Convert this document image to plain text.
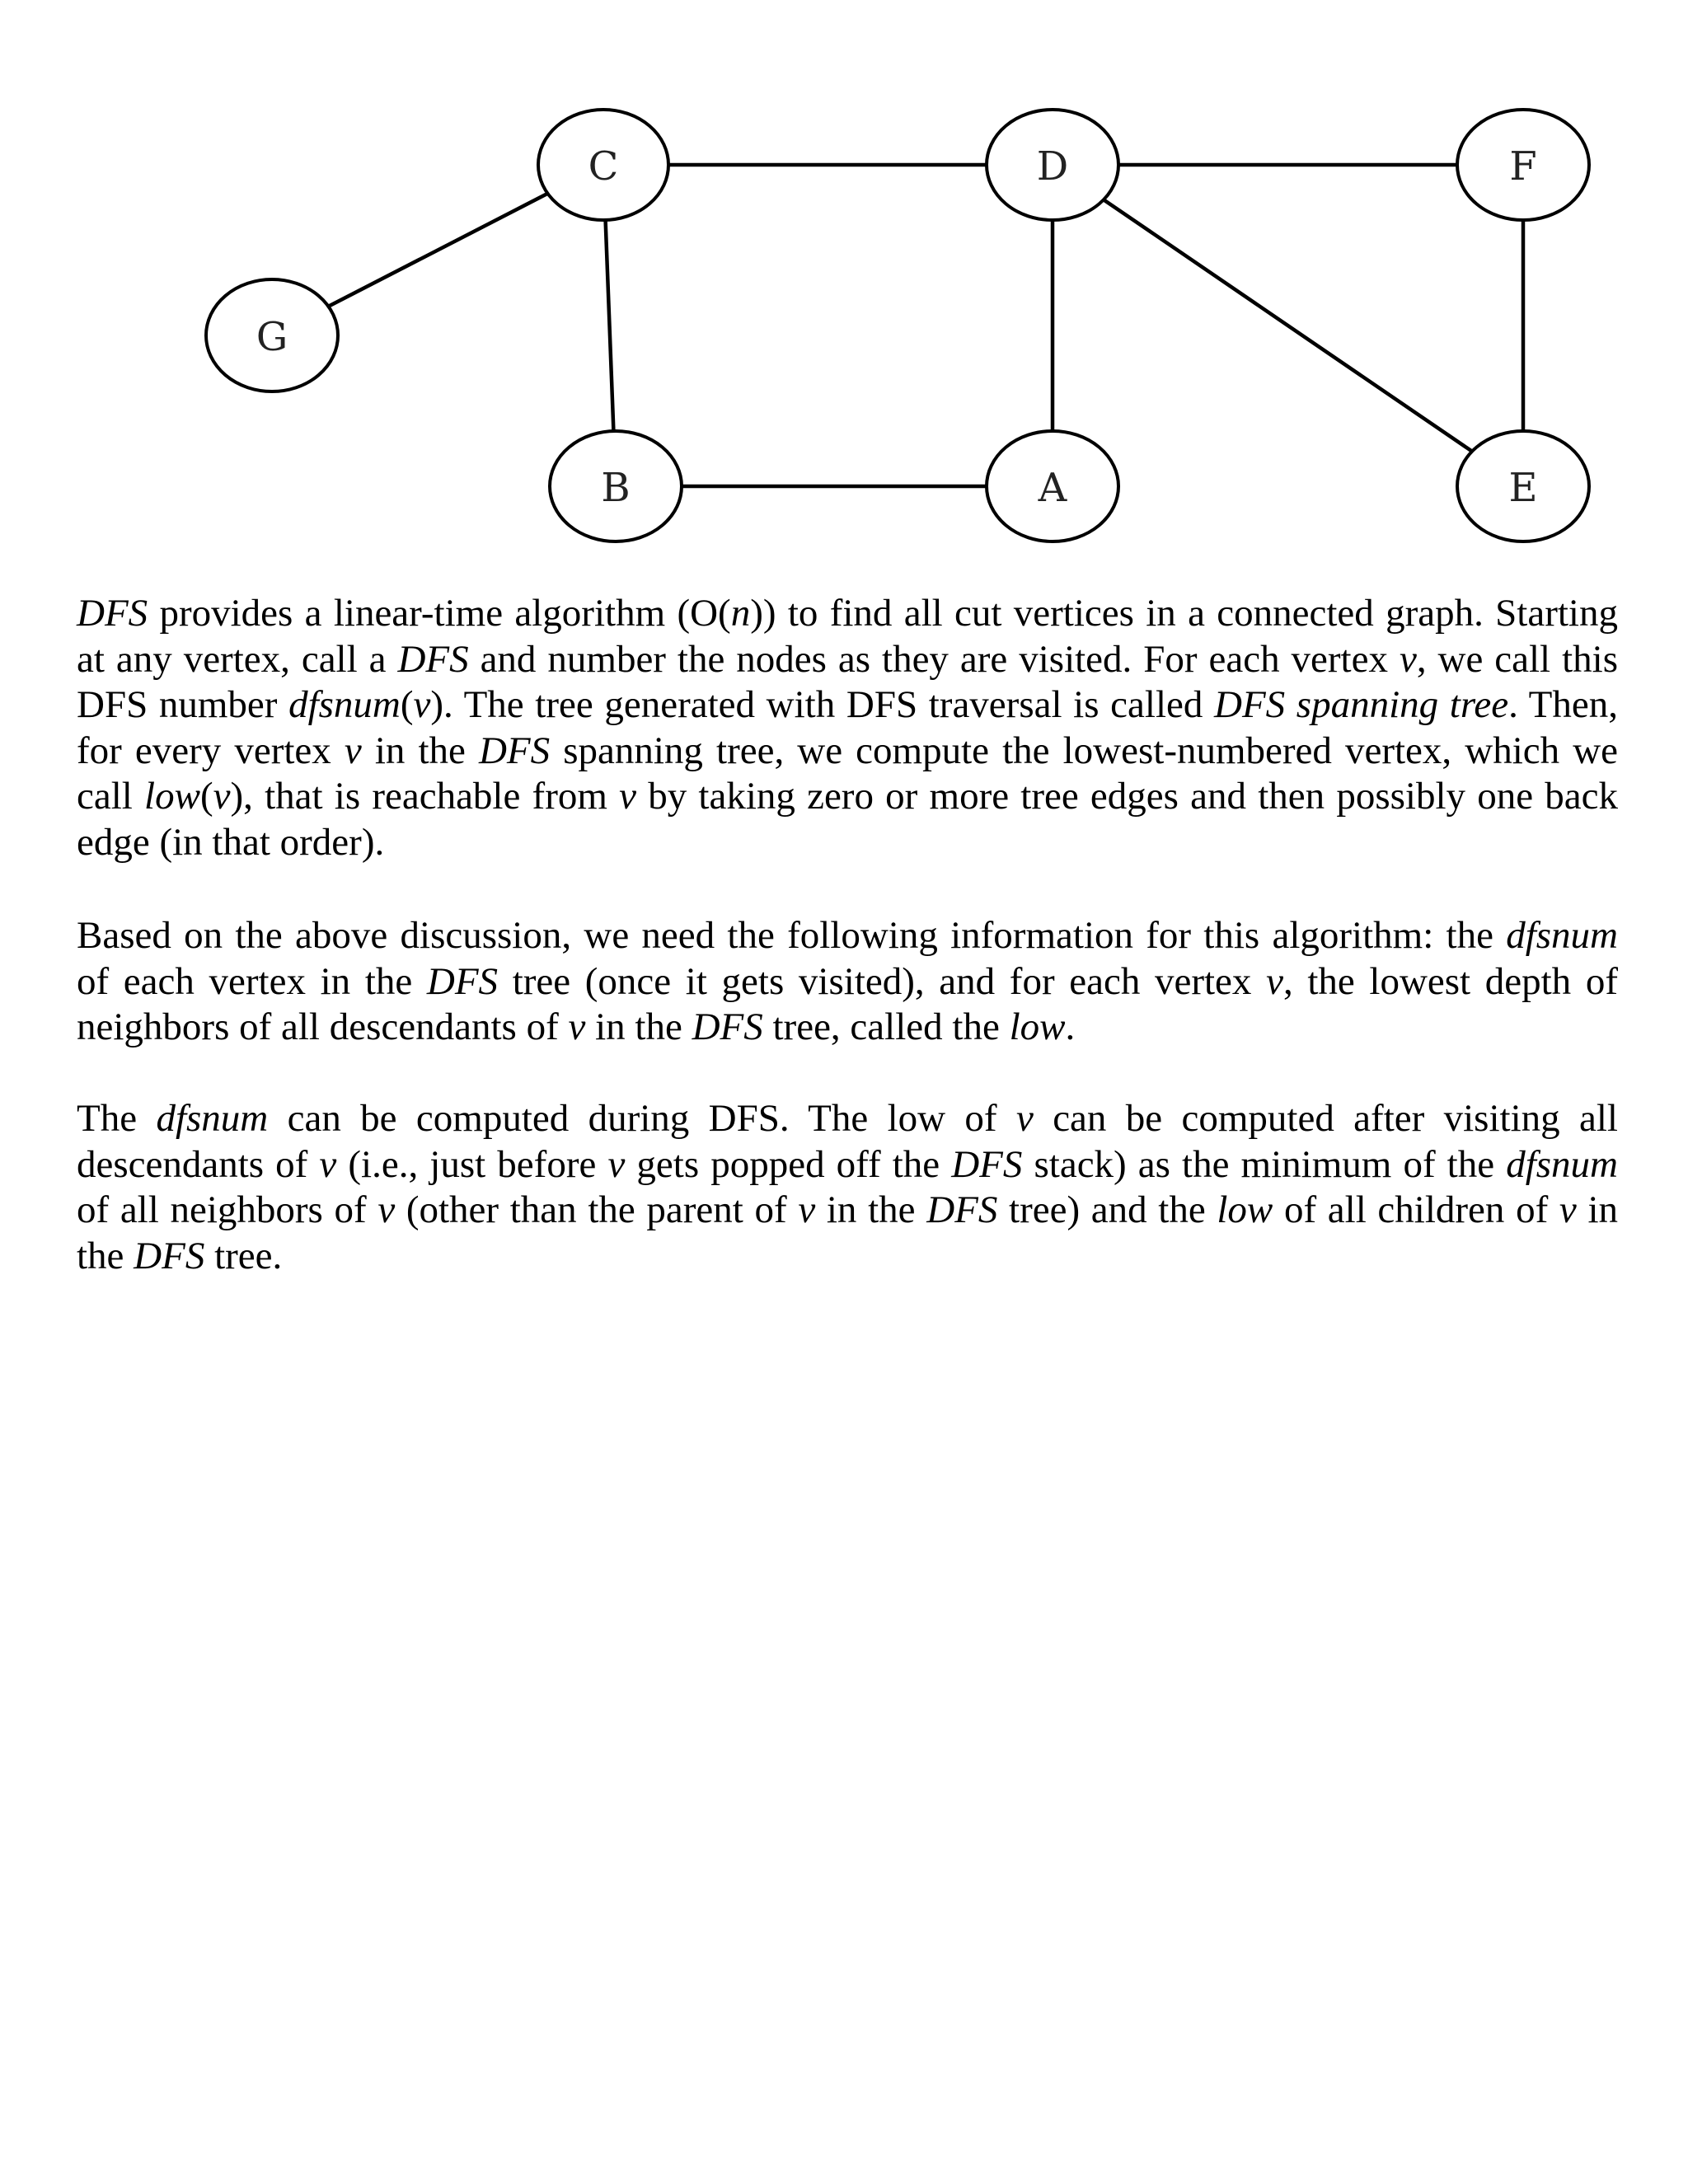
C	D	F
G
B	A	E

DFS provides a linear-time algorithm (O(n)) to find all cut vertices in a connected graph. Starting at any vertex, call a DFS and number the nodes as they are visited. For each vertex v, we call this DFS number dfsnum(v). The tree generated with DFS traversal is called DFS spanning tree. Then, for every vertex v in the DFS spanning tree, we compute the lowest-numbered vertex, which we call low(v), that is reachable from v by taking zero or more tree edges and then possibly one back edge (in that order).

Based on the above discussion, we need the following information for this algorithm: the dfsnum of each vertex in the DFS tree (once it gets visited), and for each vertex v, the lowest depth of neighbors of all descendants of v in the DFS tree, called the low.

The dfsnum can be computed during DFS. The low of v can be computed after visiting all descendants of v (i.e., just before v gets popped off the DFS stack) as the minimum of the dfsnum of all neighbors of v (other than the parent of v in the DFS tree) and the low of all children of v in the DFS tree.
